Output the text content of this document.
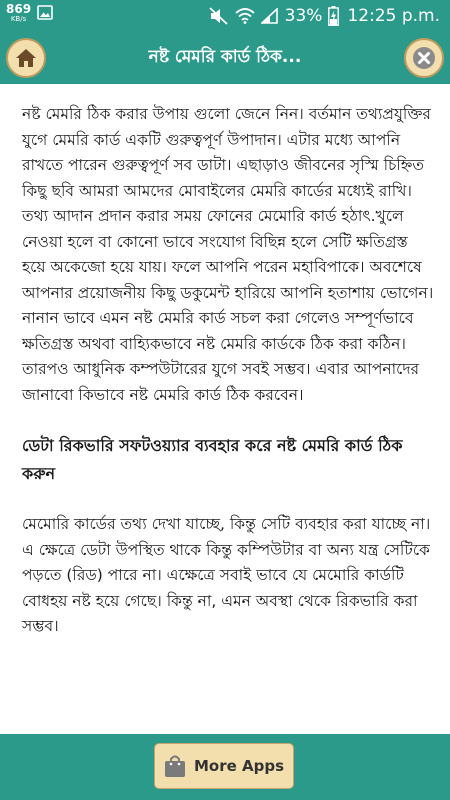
869
KB/s	33% 12:25 p.m.
নষ্ট মেমরি কার্ড ঠিক...

নষ্ট মেমরি ঠিক করার উপায় গুলো জেনে নিন। বর্তমান তথ্যপ্রযুক্তির যুগে মেমরি কার্ড একটি গুরুত্বপূর্ণ উপাদান। এটার মধ্যে আপনি রাখতে পারেন গুরুত্বপূর্ণ সব ডাটা। এছাড়াও জীবনের সৃস্মি চিহ্নিত কিছু ছবি আমরা আমদের মোবাইলের মেমরি কার্ডের মধ্যেই রাখি। তথ্য আদান প্রদান করার সময় ফোনের মেমোরি কার্ড হঠাৎ.খুলে নেওয়া হলে বা কোনো ভাবে সংযোগ বিছিন্ন হলে সেটি ক্ষতিগ্রস্ত হয়ে অকেজো হয়ে যায়। ফলে আপনি পরেন মহাবিপাকে। অবশেষে আপনার প্রয়োজনীয় কিছু ডকুমেন্ট হারিয়ে আপনি হতাশায় ভোগেন। নানান ভাবে এমন নষ্ট মেমরি কার্ড সচল করা গেলেও সম্পূর্ণভাবে ক্ষতিগ্রস্ত অথবা বাহ্যিকভাবে নষ্ট মেমরি কার্ডকে ঠিক করা কঠিন। তারপও আধুনিক কম্পউটারের যুগে সবই সম্ভব। এবার আপনাদের জানাবো কিভাবে নষ্ট মেমরি কার্ড ঠিক করবেন।

ডেটা রিকভারি সফটওয়্যার ব্যবহার করে নষ্ট মেমরি কার্ড ঠিক করুন

মেমোরি কার্ডের তথ্য দেখা যাচ্ছে, কিন্তু সেটি ব্যবহার করা যাচ্ছে না। এ ক্ষেত্রে ডেটা উপস্থিত থাকে কিন্তু কম্পিউটার বা অন্য যন্ত্র সেটিকে পড়তে (রিড) পারে না। এক্ষেত্রে সবাই ভাবে যে মেমোরি কার্ডটি বোধহয় নষ্ট হয়ে গেছে। কিন্তু না, এমন অবস্থা থেকে রিকভারি করা সম্ভব।

More Apps
